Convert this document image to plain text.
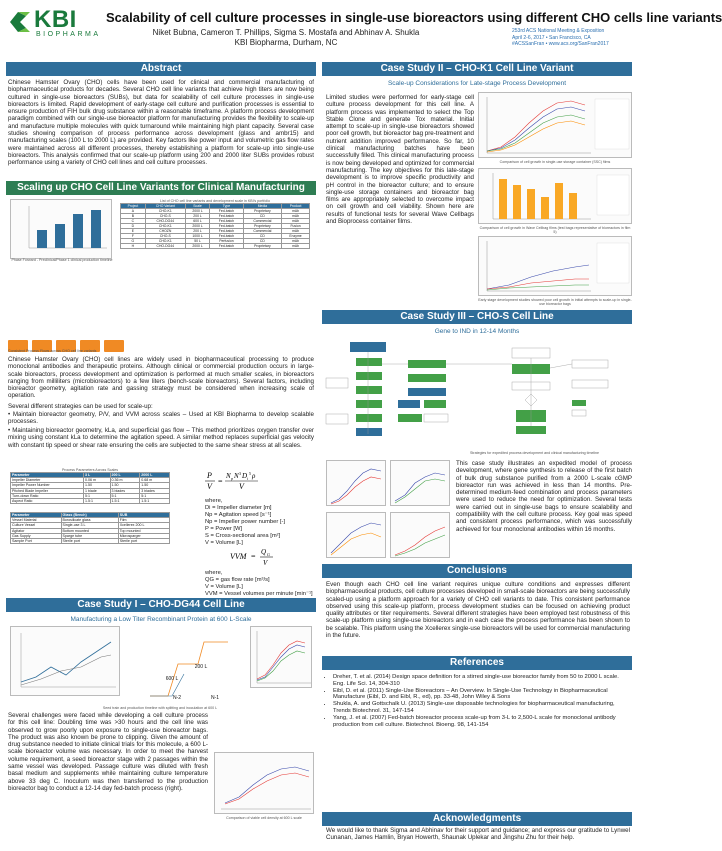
KBI
BIOPHARMA
Scalability of cell culture processes in single-use bioreactors using different CHO cells line variants
Niket Bubna, Cameron T. Phillips, Sigma S. Mostafa and Abhinav A. Shukla
KBI Biopharma, Durham, NC
253rd ACS National Meeting & Exposition
April 2-6, 2017 • San Francisco, CA
#ACSSanFran • www.acs.org/SanFran2017
Abstract
Chinese Hamster Ovary (CHO) cells have been used for clinical and commercial manufacturing of biopharmaceutical products for decades. Several CHO cell line variants that achieve high titers are now being cultured in single-use bioreactors (SUBs), but data for scalability of cell culture processes in single-use bioreactors is limited. Rapid development of early-stage cell culture and purification processes is essential to ensure production of FIH bulk drug substance within a reasonable timeframe. A platform process development paradigm combined with our single-use bioreactor platform for manufacturing provides the flexibility to scale-up and manufacture multiple molecules with quick turnaround while maintaining high plant capacity. Several case studies showing comparison of process performance across development (glass and ambr15) and manufacturing scales (100 L to 2000 L) are provided. Key factors like power input and volumetric gas flow rates were maintained across all different processes, thereby establishing a platform for scale-up into single-use bioreactors. This analysis confirmed that our scale-up platform using 200 and 2000 liter SUBs provides robust performance using a variety of CHO cell lines and cell culture processes.
Scaling up CHO Cell Line Variants for Clinical Manufacturing
Phase Forward - Preclinical/Phase 1 clinical production timeline
List of CHO cell line variants and development scale in KBI's portfolio
Project	CHO Variant	Scale	Type	Media	Product
A	CHO-K1	2000 L	Fed-batch	Proprietary	mAb
B	CHO-S	200 L	Fed-batch	CD	mAb
C	CHO-DG44	600 L	Fed-batch	Commercial	mAb
D	CHO-K1	2000 L	Fed-batch	Proprietary	Fusion
E	CHOZN	200 L	Fed-batch	Commercial	mAb
F	CHO-S	1000 L	Fed-batch	CD	Enzyme
G	CHO-K1	50 L	Perfusion	CD	mAb
H	CHO-DG44	2000 L	Fed-batch	Proprietary	mAb
Consistent Process Flows across CHO cell line variants
Chinese Hamster Ovary (CHO) cell lines are widely used in biopharmaceutical processing to produce monoclonal antibodies and therapeutic proteins. Although clinical or commercial production occurs in large-scale bioreactors, process development and optimization is performed at much smaller scales, in bioreactors ranging from milliliters (microbioreactors) to a few liters (bench-scale bioreactors). Several factors, including bioreactor geometry, agitation rate and gassing strategy must be considered when increasing scale of operation.
Several different strategies can be used for scale-up:
• Maintain bioreactor geometry, P/V, and VVM across scales – Used at KBI Biopharma to develop scalable processes.
• Maintaining bioreactor geometry, kLa, and superficial gas flow – This method prioritizes oxygen transfer over mixing using constant kLa to determine the agitation speed. A similar method replaces superficial gas velocity with constant tip speed or shear rate ensuring the cells are subjected to the same shear stress at all scales.
Process Parameters Across Scales
Parameter	3 L	200 L	2000 L
Impeller Diameter	0.06 m	0.36 m	0.68 m
Impeller Power Number	1.50	1.50	1.50
Pitched Blade Impeller	1 blade	3 blades	3 blades
Turn-down Ratio	5:1	5:1	5:1
Aspect Ratio	1.5:1	1.5:1	1.5:1
Parameter	Glass (Bench)	SUB
Vessel Material	Borosilicate glass	Film
Culture Vessel	Single-use 3 L	Xcellerex 200 L
Agitator	Bottom mounted	Top mounted
Gas Supply	Sparge tube	Microsparger
Sample Port	Sterile port	Sterile port
P
V
=
N p N 3 D i
5 ρ
V
where,
Di = Impeller diameter [m]
Np = Agitation speed [s⁻¹]
Np = Impeller power number [-]
P = Power [W]
S = Cross-sectional area [m²]
V = Volume [L]
VVM = Q G
V
where,
QG = gas flow rate [m³/s]
V = Volume [L]
VVM = Vessel volumes per minute [min⁻¹]
Case Study I – CHO-DG44 Cell Line
Manufacturing a Low Titer Recombinant Protein at 600 L-Scale
200 L
600 L
N-2	N-1
Seed train and production timeline with splitting and inoculation at 600 L
Several challenges were faced while developing a cell culture process for this cell line: Doubling time was >30 hours and the cell line was observed to grow poorly upon exposure to single-use bioreactor bags. The product was also known be prone to clipping. Given the amount of drug substance needed to initiate clinical trials for this molecule, a 600 L-scale bioreactor volume was necessary. In order to meet the harvest volume requirement, a seed bioreactor stage with 2 passages within the same vessel was developed. Passage culture was diluted with fresh basal medium and supplements while maintaining culture temperature above 33 deg C. Inoculum was then transferred to the production bioreactor bag to conduct a 12-14 day fed-batch process (right).
Comparison of viable cell density at 600 L scale
Case Study II – CHO-K1 Cell Line Variant
Scale-up Considerations for Late-stage Process Development
Limited studies were performed for early-stage cell culture process development for this cell line. A platform process was implemented to select the Top Stable Clone and generate Tox material. Initial attempt to scale-up in single-use bioreactors showed poor cell growth, but bioreactor bag pre-treatment and nutrient addition improved performance. So far, 10 clinical manufacturing batches have been successfully filled. This clinical manufacturing process is now being developed and optimized for commercial manufacturing. The key objectives for this late-stage development is to improve specific productivity and pH control in the bioreactor culture; and to ensure single-use storage containers and bioreactor bag films are appropriately selected to overcome impact on cell growth and cell viability. Shown here are results of functional tests for several Wave Cellbags and Bioprocess container films.
Comparison of cell growth in single-use storage container (SSC) films
Comparison of cell growth in Wave Cellbag films (test bags representative of bioreactors in film 5)
Early stage development studies showed poor cell growth in initial attempts to scale-up in single-use bioreactor bags
Case Study III – CHO-S Cell Line
Gene to IND in 12-14 Months
Strategies for expedited process development and clinical manufacturing timeline
This case study illustrates an expedited model of process development, where gene synthesis to release of the first batch of bulk drug substance purified from a 2000 L-scale cGMP bioreactor run was achieved in less than 14 months. Pre-determined medium-feed combination and process parameters were used to reduce the need for optimization. Several tests were carried out in single-use bags to ensure scalability and compatibility with the cell culture process. Key goal was speed and consistent process performance, which was successfully achieved for four monoclonal antibodies within 16 months.
Conclusions
Even though each CHO cell line variant requires unique culture conditions and expresses different biopharmaceutical products, cell culture processes developed in small-scale bioreactors are being successfully scaled-up using a platform approach for a variety of CHO cell variants to date. This consistent performance observed using this scale-up platform, process development studies can be focused on achieving product quality attributes or titer requirements. Several different strategies have been employed test robustness of this scale-up platform using single-use bioreactors and in each case the process performance has been shown to be scalable. This platform using the Xcellerex single-use bioreactors will be used for commercial manufacturing in the future.
References
• Dreher, T. et al. (2014) Design space definition for a stirred single-use bioreactor family from 50 to 2000 L scale. Eng. Life Sci. 14, 304-310
• Eibl, D. et al. (2011) Single-Use Bioreactors – An Overview. In Single-Use Technology in Biopharmaceutical Manufacture (Eibl, D. and Eibl, R., ed), pp. 33-48, John Wiley & Sons
• Shukla, A. and Gottschalk U. (2013) Single-use disposable technologies for biopharmaceutical manufacturing, Trends Biotechnol. 31, 147-154
• Yang, J. et al. (2007) Fed-batch bioreactor process scale-up from 3-L to 2,500-L scale for monoclonal antibody production from cell culture. Biotechnol. Bioeng. 98, 141-154
Acknowledgments
We would like to thank Sigma and Abhinav for their support and guidance; and express our gratitude to Lynwel Cunanan, James Hamlin, Bryan Howerth, Shaunak Uplekar and Jingshu Zhu for their help.
